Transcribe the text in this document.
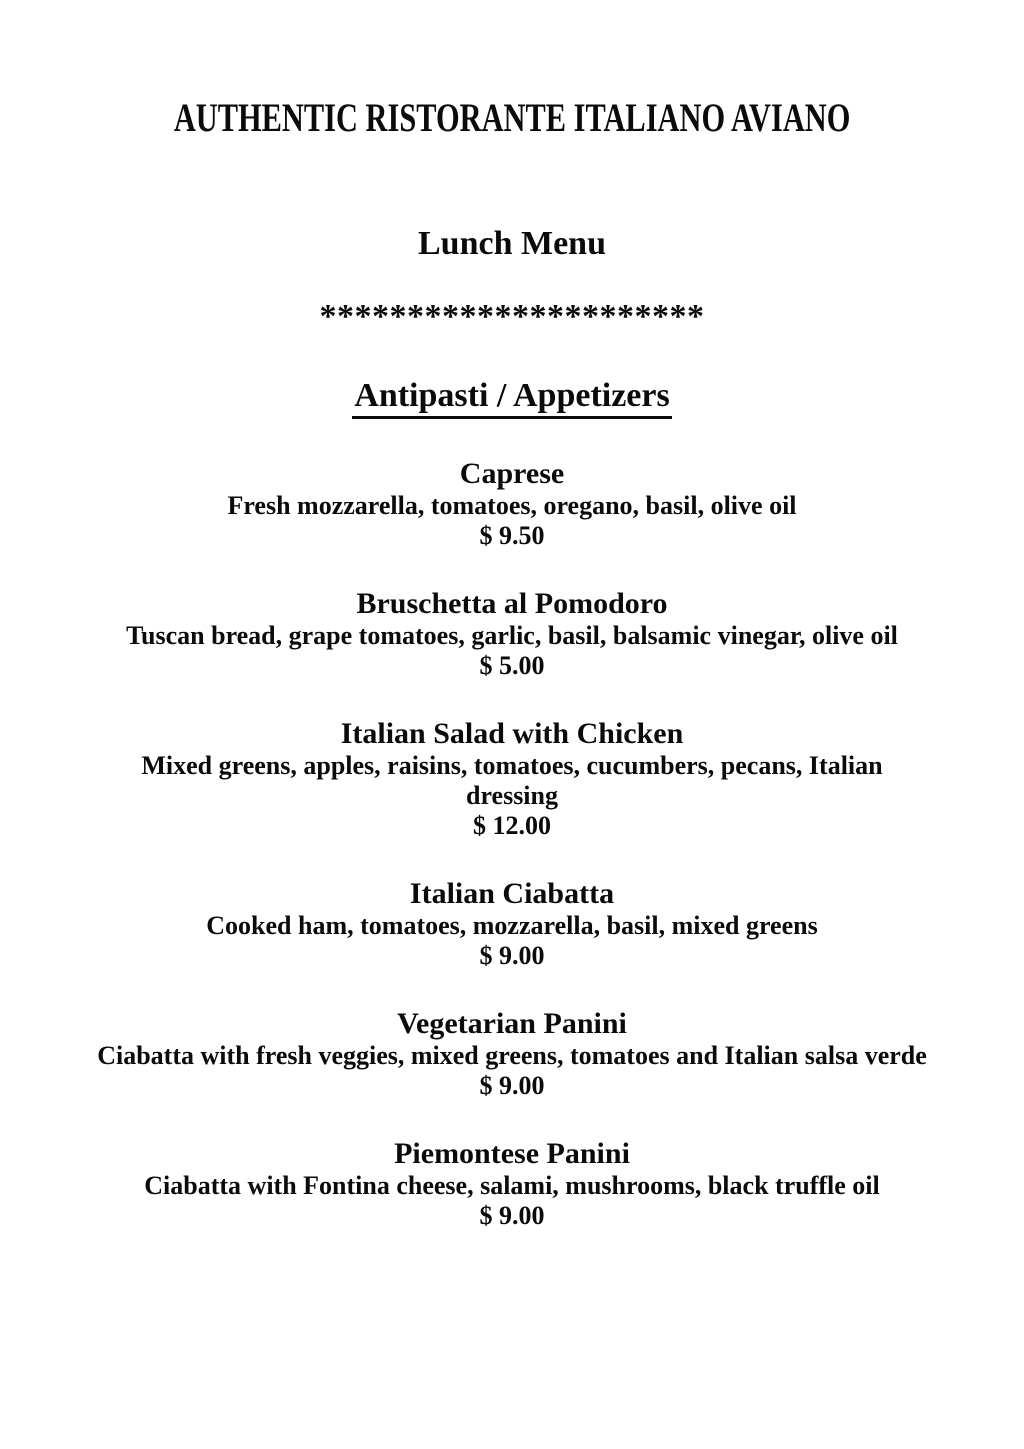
AUTHENTIC RISTORANTE ITALIANO AVIANO
Lunch Menu
**********************
Antipasti / Appetizers
Caprese
Fresh mozzarella, tomatoes, oregano, basil, olive oil
$ 9.50
Bruschetta al Pomodoro
Tuscan bread, grape tomatoes, garlic, basil, balsamic vinegar, olive oil
$ 5.00
Italian Salad with Chicken
Mixed greens, apples, raisins, tomatoes, cucumbers, pecans, Italian dressing
$ 12.00
Italian Ciabatta
Cooked ham, tomatoes, mozzarella, basil, mixed greens
$ 9.00
Vegetarian Panini
Ciabatta with fresh veggies, mixed greens, tomatoes and Italian salsa verde
$ 9.00
Piemontese Panini
Ciabatta with Fontina cheese, salami, mushrooms, black truffle oil
$ 9.00
